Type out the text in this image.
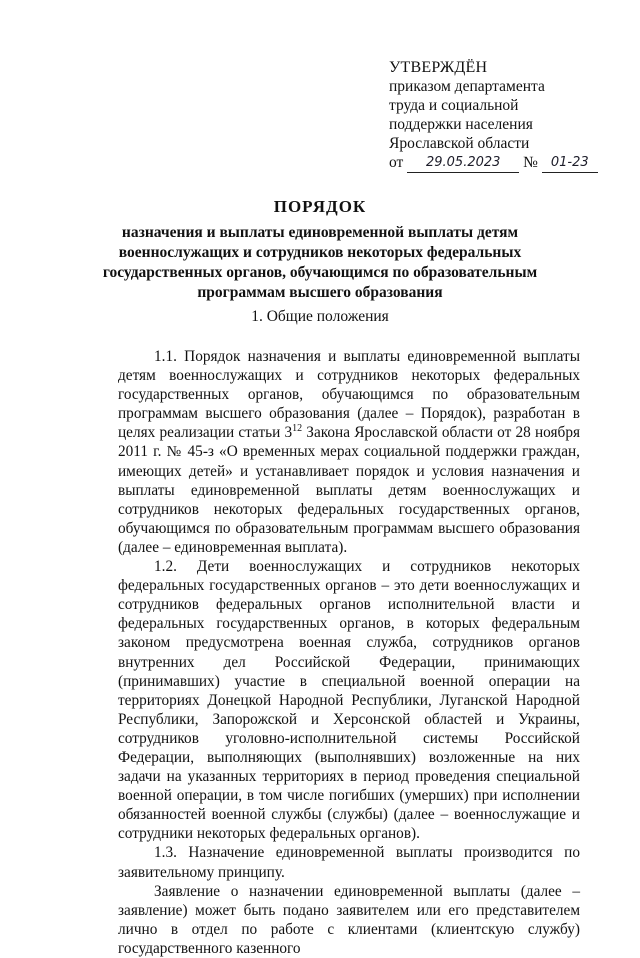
УТВЕРЖДЁН
приказом департамента
труда и социальной
поддержки населения
Ярославской области
от 29.05.2023 № 01-23
ПОРЯДОК
назначения и выплаты единовременной выплаты детям военнослужащих и сотрудников некоторых федеральных государственных органов, обучающимся по образовательным программам высшего образования
1. Общие положения

1.1. Порядок назначения и выплаты единовременной выплаты детям военнослужащих и сотрудников некоторых федеральных государственных органов, обучающимся по образовательным программам высшего образования (далее – Порядок), разработан в целях реализации статьи $3^{12}$ Закона Ярославской области от 28 ноября 2011 г. № 45-з «О временных мерах социальной поддержки граждан, имеющих детей» и устанавливает порядок и условия назначения и выплаты единовременной выплаты детям военнослужащих и сотрудников некоторых федеральных государственных органов, обучающимся по образовательным программам высшего образования (далее – единовременная выплата).

1.2. Дети военнослужащих и сотрудников некоторых федеральных государственных органов – это дети военнослужащих и сотрудников федеральных органов исполнительной власти и федеральных государственных органов, в которых федеральным законом предусмотрена военная служба, сотрудников органов внутренних дел Российской Федерации, принимающих (принимавших) участие в специальной военной операции на территориях Донецкой Народной Республики, Луганской Народной Республики, Запорожской и Херсонской областей и Украины, сотрудников уголовно-исполнительной системы Российской Федерации, выполняющих (выполнявших) возложенные на них задачи на указанных территориях в период проведения специальной военной операции, в том числе погибших (умерших) при исполнении обязанностей военной службы (службы) (далее – военнослужащие и сотрудники некоторых федеральных органов).

1.3. Назначение единовременной выплаты производится по заявительному принципу.

Заявление о назначении единовременной выплаты (далее – заявление) может быть подано заявителем или его представителем лично в отдел по работе с клиентами (клиентскую службу) государственного казенного
